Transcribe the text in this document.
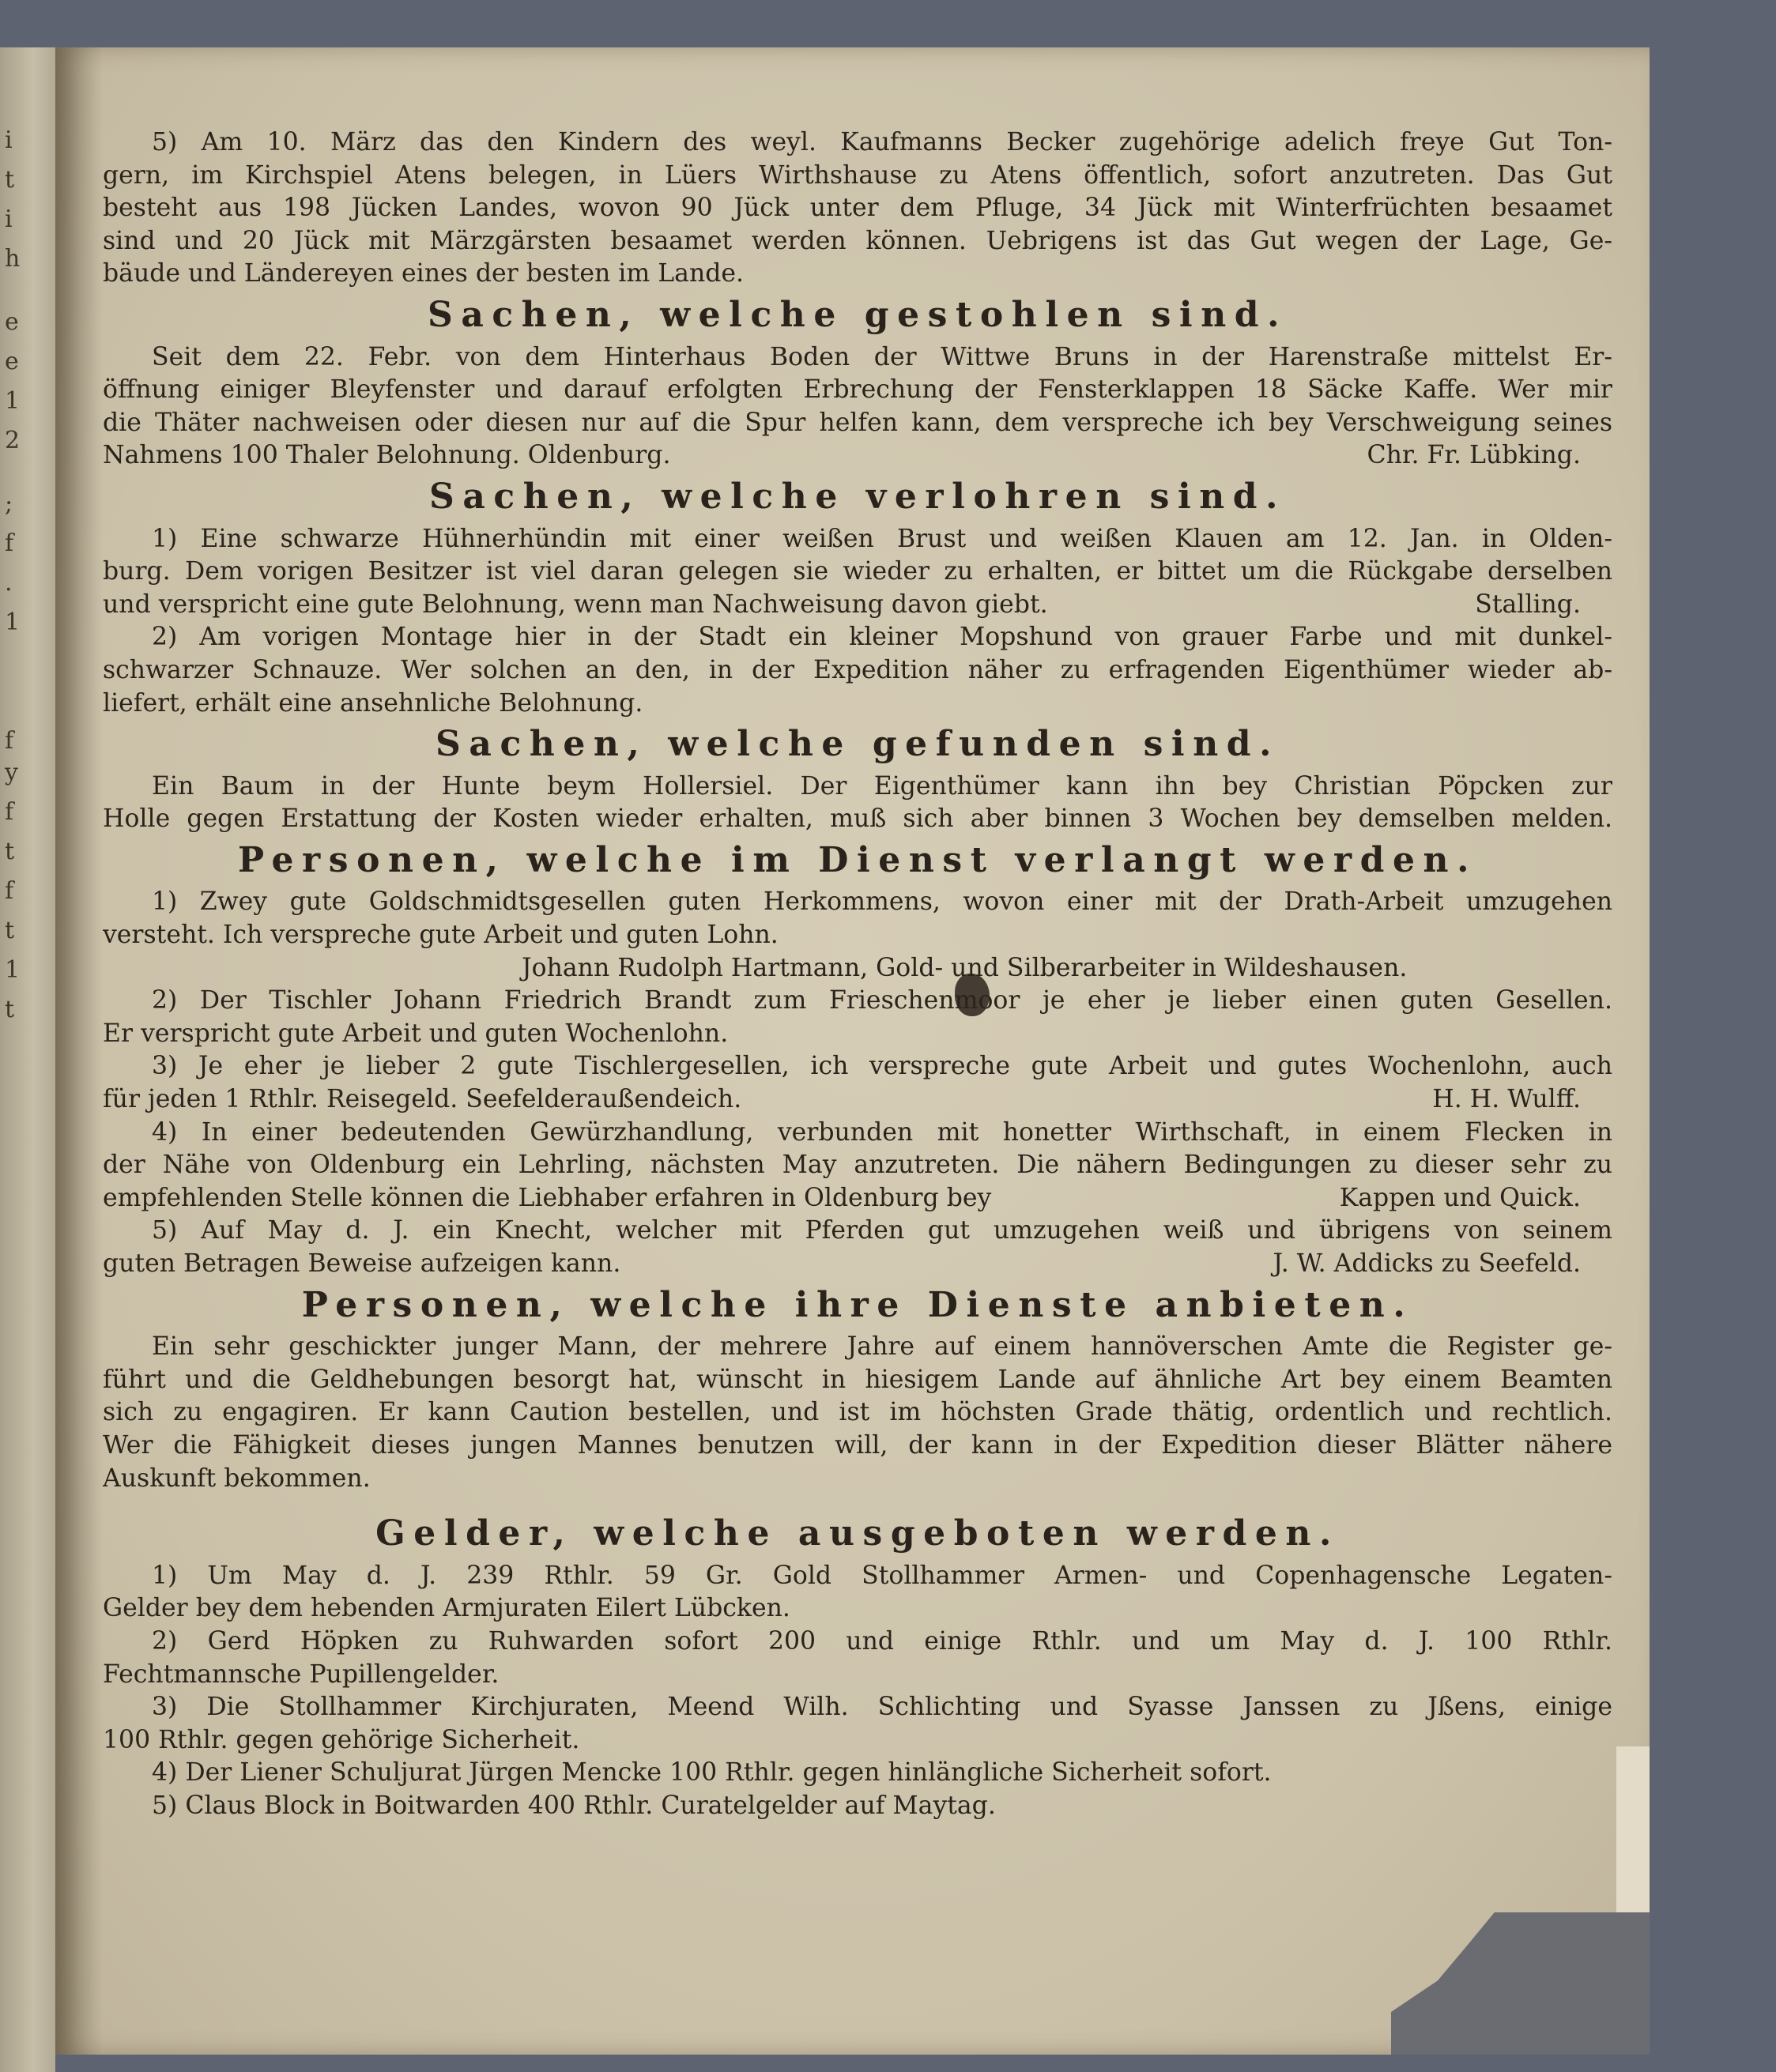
i
t
i
h
e
e
1
2
;
f
.
1
f
y
f
t
f
t
1
t
5) Am 10. März das den Kindern des weyl. Kaufmanns Becker zugehörige adelich freye Gut Ton-
gern, im Kirchspiel Atens belegen, in Lüers Wirthshause zu Atens öffentlich, sofort anzutreten. Das Gut
besteht aus 198 Jücken Landes, wovon 90 Jück unter dem Pfluge, 34 Jück mit Winterfrüchten besaamet
sind und 20 Jück mit Märzgärsten besaamet werden können. Uebrigens ist das Gut wegen der Lage, Ge-
bäude und Ländereyen eines der besten im Lande.
Sachen, welche gestohlen sind.
Seit dem 22. Febr. von dem Hinterhaus Boden der Wittwe Bruns in der Harenstraße mittelst Er-
öffnung einiger Bleyfenster und darauf erfolgten Erbrechung der Fensterklappen 18 Säcke Kaffe. Wer mir
die Thäter nachweisen oder diesen nur auf die Spur helfen kann, dem verspreche ich bey Verschweigung seines
Nahmens 100 Thaler Belohnung. Oldenburg.	Chr. Fr. Lübking.
Sachen, welche verlohren sind.
1) Eine schwarze Hühnerhündin mit einer weißen Brust und weißen Klauen am 12. Jan. in Olden-
burg. Dem vorigen Besitzer ist viel daran gelegen sie wieder zu erhalten, er bittet um die Rückgabe derselben
und verspricht eine gute Belohnung, wenn man Nachweisung davon giebt.	Stalling.
2) Am vorigen Montage hier in der Stadt ein kleiner Mopshund von grauer Farbe und mit dunkel-
schwarzer Schnauze. Wer solchen an den, in der Expedition näher zu erfragenden Eigenthümer wieder ab-
liefert, erhält eine ansehnliche Belohnung.
Sachen, welche gefunden sind.
Ein Baum in der Hunte beym Hollersiel. Der Eigenthümer kann ihn bey Christian Pöpcken zur
Holle gegen Erstattung der Kosten wieder erhalten, muß sich aber binnen 3 Wochen bey demselben melden.
Personen, welche im Dienst verlangt werden.
1) Zwey gute Goldschmidtsgesellen guten Herkommens, wovon einer mit der Drath-Arbeit umzugehen
versteht. Ich verspreche gute Arbeit und guten Lohn.
Johann Rudolph Hartmann, Gold- und Silberarbeiter in Wildeshausen.
2) Der Tischler Johann Friedrich Brandt zum Frieschenmoor je eher je lieber einen guten Gesellen.
Er verspricht gute Arbeit und guten Wochenlohn.
3) Je eher je lieber 2 gute Tischlergesellen, ich verspreche gute Arbeit und gutes Wochenlohn, auch
für jeden 1 Rthlr. Reisegeld. Seefelderaußendeich.	H. H. Wulff.
4) In einer bedeutenden Gewürzhandlung, verbunden mit honetter Wirthschaft, in einem Flecken in
der Nähe von Oldenburg ein Lehrling, nächsten May anzutreten. Die nähern Bedingungen zu dieser sehr zu
empfehlenden Stelle können die Liebhaber erfahren in Oldenburg bey	Kappen und Quick.
5) Auf May d. J. ein Knecht, welcher mit Pferden gut umzugehen weiß und übrigens von seinem
guten Betragen Beweise aufzeigen kann.	J. W. Addicks zu Seefeld.
Personen, welche ihre Dienste anbieten.
Ein sehr geschickter junger Mann, der mehrere Jahre auf einem hannöverschen Amte die Register ge-
führt und die Geldhebungen besorgt hat, wünscht in hiesigem Lande auf ähnliche Art bey einem Beamten
sich zu engagiren. Er kann Caution bestellen, und ist im höchsten Grade thätig, ordentlich und rechtlich.
Wer die Fähigkeit dieses jungen Mannes benutzen will, der kann in der Expedition dieser Blätter nähere
Auskunft bekommen.
Gelder, welche ausgeboten werden.
1) Um May d. J. 239 Rthlr. 59 Gr. Gold Stollhammer Armen- und Copenhagensche Legaten-
Gelder bey dem hebenden Armjuraten Eilert Lübcken.
2) Gerd Höpken zu Ruhwarden sofort 200 und einige Rthlr. und um May d. J. 100 Rthlr.
Fechtmannsche Pupillengelder.
3) Die Stollhammer Kirchjuraten, Meend Wilh. Schlichting und Syasse Janssen zu Jßens, einige
100 Rthlr. gegen gehörige Sicherheit.
4) Der Liener Schuljurat Jürgen Mencke 100 Rthlr. gegen hinlängliche Sicherheit sofort.
5) Claus Block in Boitwarden 400 Rthlr. Curatelgelder auf Maytag.
